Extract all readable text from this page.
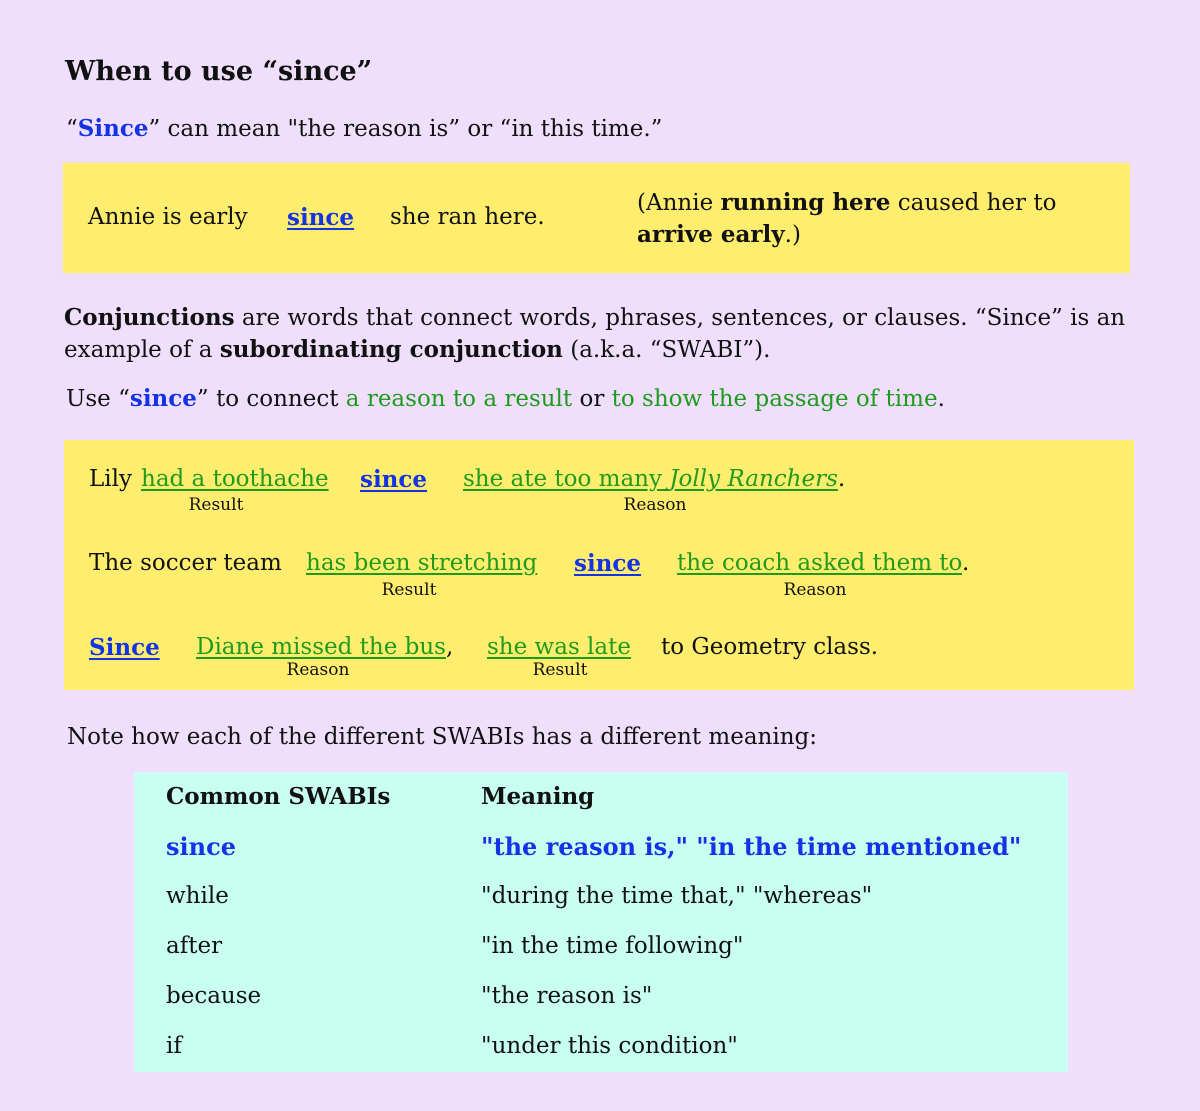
When to use “since”
“Since” can mean "the reason is” or “in this time.”
Annie is early since she ran here.
(Annie running here caused her to
arrive early.)
Conjunctions are words that connect words, phrases, sentences, or clauses. “Since” is an example of a subordinating conjunction (a.k.a. “SWABI”).
Use “since” to connect a reason to a result or to show the passage of time.
Lily had a toothache
Result
since she ate too many Jolly Ranchers.
Reason
The soccer team has been stretching
Result
since the coach asked them to.
Reason
Since Diane missed the bus,
Reason
she was late
Result
to Geometry class.
Note how each of the different SWABIs has a different meaning:
Common SWABIs	Meaning
since	"the reason is," "in the time mentioned"
while	"during the time that," "whereas"
after	"in the time following"
because	"the reason is"
if	"under this condition"
